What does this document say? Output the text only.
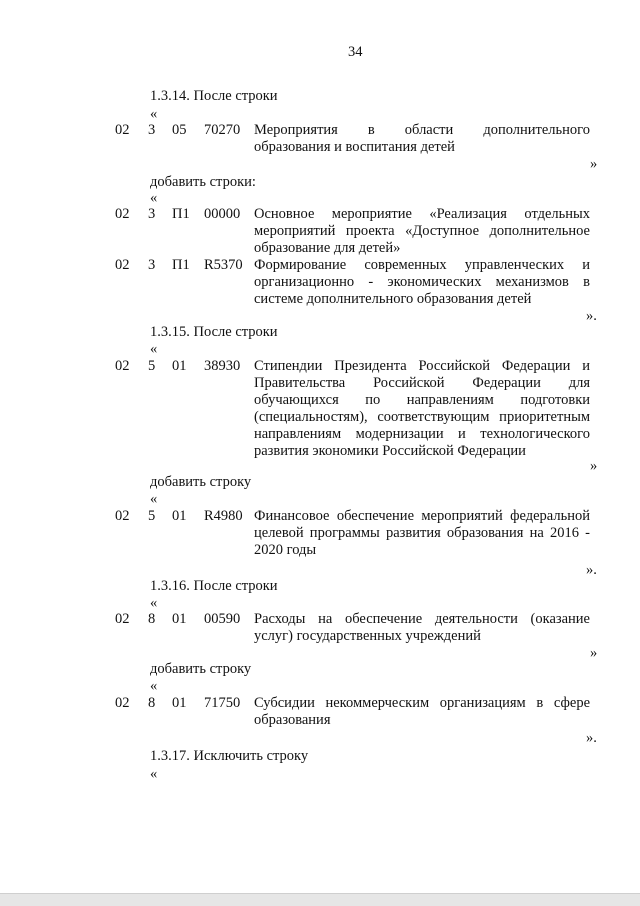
34
1.3.14. После строки
«
02 3 05 70270 Мероприятия в области дополнительного
образования и воспитания детей
»
добавить строки:
«
02 3 П1 00000 Основное мероприятие «Реализация отдельных
мероприятий проекта «Доступное дополнительное
образование для детей»
02 3 П1 R5370 Формирование современных управленческих и
организационно - экономических механизмов в
системе дополнительного образования детей
».
1.3.15. После строки
«
02 5 01 38930 Стипендии Президента Российской Федерации и
Правительства Российской Федерации для
обучающихся по направлениям подготовки
(специальностям), соответствующим приоритетным
направлениям модернизации и технологического
развития экономики Российской Федерации
»
добавить строку
«
02 5 01 R4980 Финансовое обеспечение мероприятий федеральной
целевой программы развития образования на 2016 -
2020 годы
».
1.3.16. После строки
«
02 8 01 00590 Расходы на обеспечение деятельности (оказание
услуг) государственных учреждений
»
добавить строку
«
02 8 01 71750 Субсидии некоммерческим организациям в сфере
образования
».
1.3.17. Исключить строку
«
